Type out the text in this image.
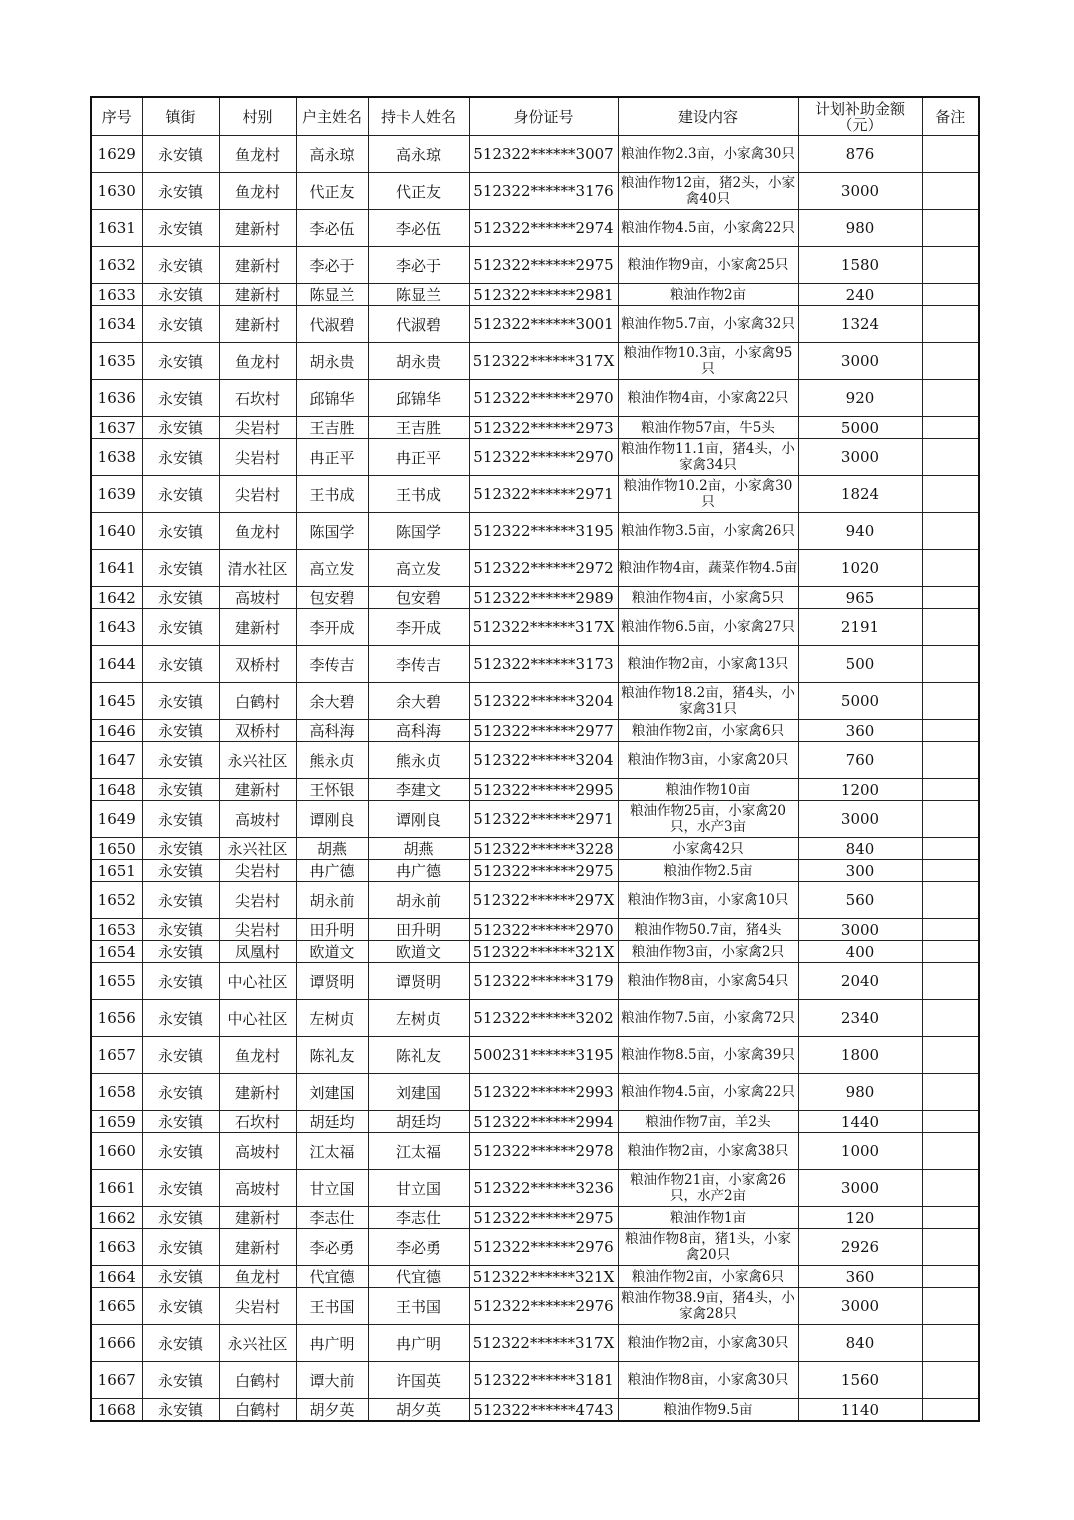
序号	镇街	村别	户主姓名	持卡人姓名	身份证号	建设内容	计划补助金额（元）	备注
1629	永安镇	鱼龙村	高永琼	高永琼	512322******3007	粮油作物2.3亩，小家禽30只	876	
1630	永安镇	鱼龙村	代正友	代正友	512322******3176	粮油作物12亩，猪2头，小家禽40只	3000	
1631	永安镇	建新村	李必伍	李必伍	512322******2974	粮油作物4.5亩，小家禽22只	980	
1632	永安镇	建新村	李必于	李必于	512322******2975	粮油作物9亩，小家禽25只	1580	
1633	永安镇	建新村	陈显兰	陈显兰	512322******2981	粮油作物2亩	240	
1634	永安镇	建新村	代淑碧	代淑碧	512322******3001	粮油作物5.7亩，小家禽32只	1324	
1635	永安镇	鱼龙村	胡永贵	胡永贵	512322******317X	粮油作物10.3亩，小家禽95只	3000	
1636	永安镇	石坎村	邱锦华	邱锦华	512322******2970	粮油作物4亩，小家禽22只	920	
1637	永安镇	尖岩村	王吉胜	王吉胜	512322******2973	粮油作物57亩，牛5头	5000	
1638	永安镇	尖岩村	冉正平	冉正平	512322******2970	粮油作物11.1亩，猪4头，小家禽34只	3000	
1639	永安镇	尖岩村	王书成	王书成	512322******2971	粮油作物10.2亩，小家禽30只	1824	
1640	永安镇	鱼龙村	陈国学	陈国学	512322******3195	粮油作物3.5亩，小家禽26只	940	
1641	永安镇	清水社区	高立发	高立发	512322******2972	粮油作物4亩，蔬菜作物4.5亩	1020	
1642	永安镇	高坡村	包安碧	包安碧	512322******2989	粮油作物4亩，小家禽5只	965	
1643	永安镇	建新村	李开成	李开成	512322******317X	粮油作物6.5亩，小家禽27只	2191	
1644	永安镇	双桥村	李传吉	李传吉	512322******3173	粮油作物2亩，小家禽13只	500	
1645	永安镇	白鹤村	余大碧	余大碧	512322******3204	粮油作物18.2亩，猪4头，小家禽31只	5000	
1646	永安镇	双桥村	高科海	高科海	512322******2977	粮油作物2亩，小家禽6只	360	
1647	永安镇	永兴社区	熊永贞	熊永贞	512322******3204	粮油作物3亩，小家禽20只	760	
1648	永安镇	建新村	王怀银	李建文	512322******2995	粮油作物10亩	1200	
1649	永安镇	高坡村	谭刚良	谭刚良	512322******2971	粮油作物25亩，小家禽20只，水产3亩	3000	
1650	永安镇	永兴社区	胡燕	胡燕	512322******3228	小家禽42只	840	
1651	永安镇	尖岩村	冉广德	冉广德	512322******2975	粮油作物2.5亩	300	
1652	永安镇	尖岩村	胡永前	胡永前	512322******297X	粮油作物3亩，小家禽10只	560	
1653	永安镇	尖岩村	田升明	田升明	512322******2970	粮油作物50.7亩，猪4头	3000	
1654	永安镇	凤凰村	欧道文	欧道文	512322******321X	粮油作物3亩，小家禽2只	400	
1655	永安镇	中心社区	谭贤明	谭贤明	512322******3179	粮油作物8亩，小家禽54只	2040	
1656	永安镇	中心社区	左树贞	左树贞	512322******3202	粮油作物7.5亩，小家禽72只	2340	
1657	永安镇	鱼龙村	陈礼友	陈礼友	500231******3195	粮油作物8.5亩，小家禽39只	1800	
1658	永安镇	建新村	刘建国	刘建国	512322******2993	粮油作物4.5亩，小家禽22只	980	
1659	永安镇	石坎村	胡廷均	胡廷均	512322******2994	粮油作物7亩，羊2头	1440	
1660	永安镇	高坡村	江太福	江太福	512322******2978	粮油作物2亩，小家禽38只	1000	
1661	永安镇	高坡村	甘立国	甘立国	512322******3236	粮油作物21亩，小家禽26只，水产2亩	3000	
1662	永安镇	建新村	李志仕	李志仕	512322******2975	粮油作物1亩	120	
1663	永安镇	建新村	李必勇	李必勇	512322******2976	粮油作物8亩，猪1头，小家禽20只	2926	
1664	永安镇	鱼龙村	代宜德	代宜德	512322******321X	粮油作物2亩，小家禽6只	360	
1665	永安镇	尖岩村	王书国	王书国	512322******2976	粮油作物38.9亩，猪4头，小家禽28只	3000	
1666	永安镇	永兴社区	冉广明	冉广明	512322******317X	粮油作物2亩，小家禽30只	840	
1667	永安镇	白鹤村	谭大前	许国英	512322******3181	粮油作物8亩，小家禽30只	1560	
1668	永安镇	白鹤村	胡夕英	胡夕英	512322******4743	粮油作物9.5亩	1140	
